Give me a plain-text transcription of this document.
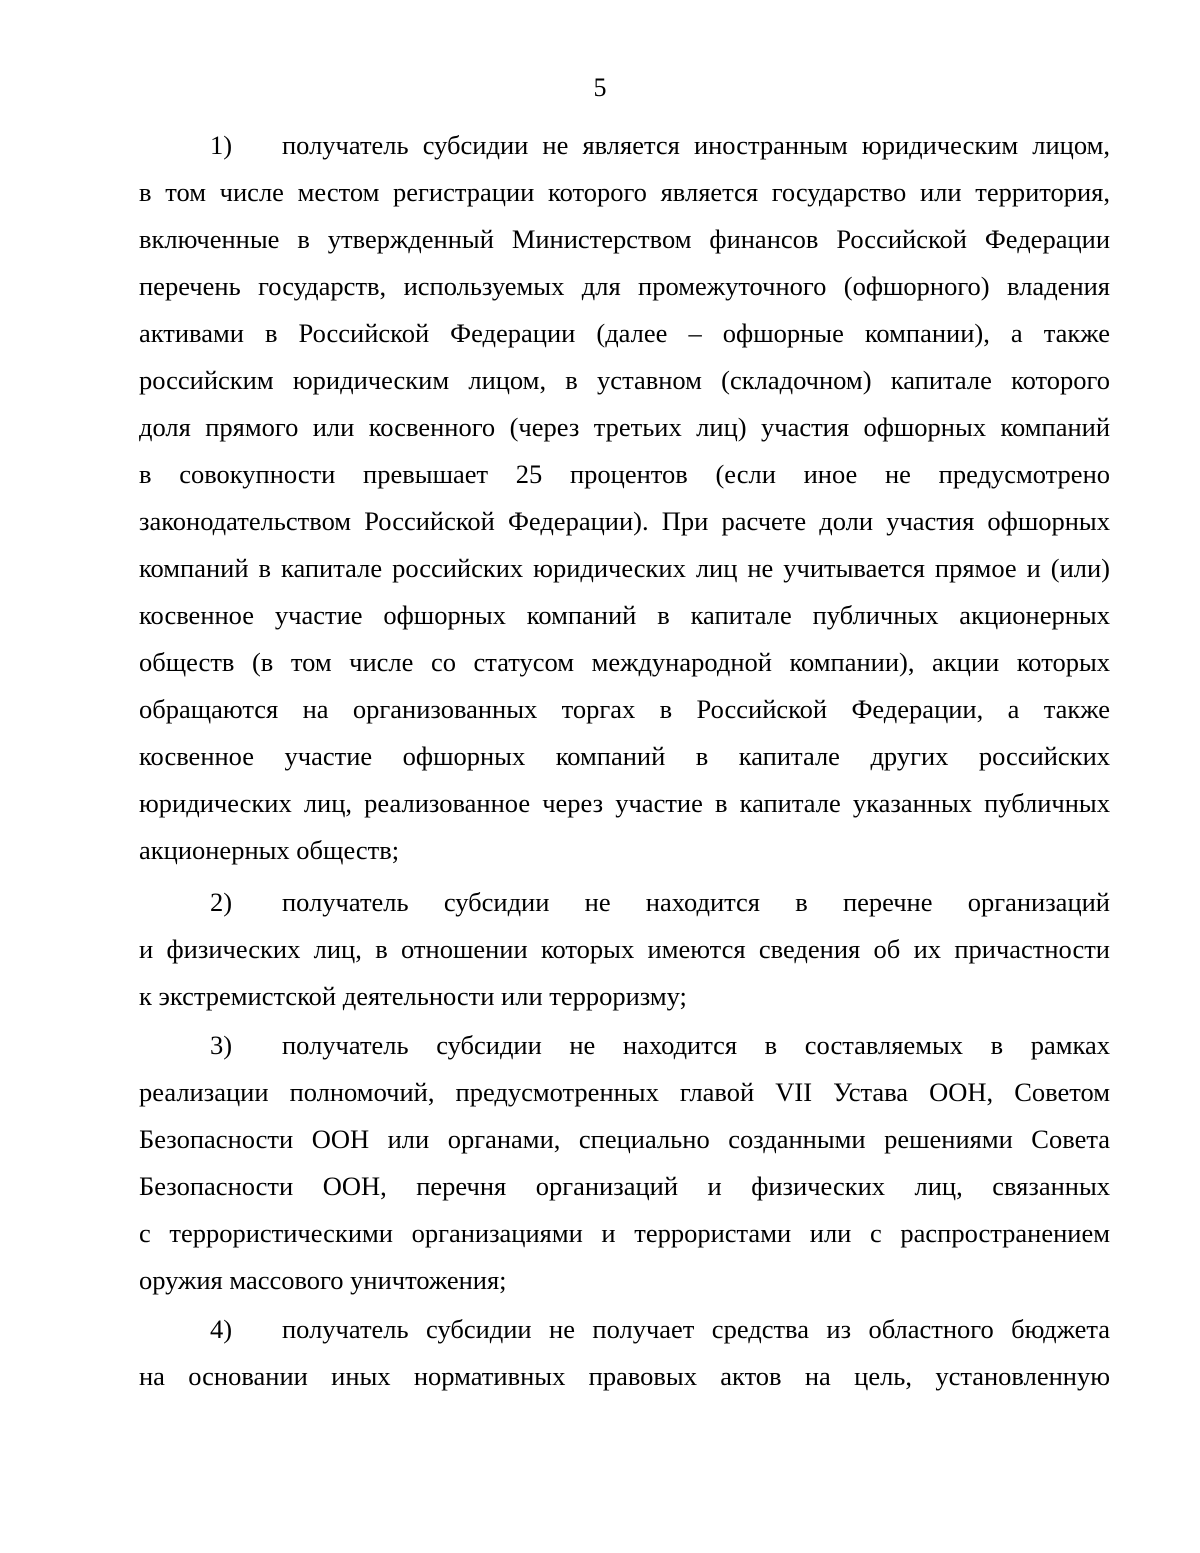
5
1) получатель субсидии не является иностранным юридическим лицом,
в том числе местом регистрации которого является государство или территория,
включенные в утвержденный Министерством финансов Российской Федерации
перечень государств, используемых для промежуточного (офшорного) владения
активами в Российской Федерации (далее – офшорные компании), а также
российским юридическим лицом, в уставном (складочном) капитале которого
доля прямого или косвенного (через третьих лиц) участия офшорных компаний
в совокупности превышает 25 процентов (если иное не предусмотрено
законодательством Российской Федерации). При расчете доли участия офшорных
компаний в капитале российских юридических лиц не учитывается прямое и (или)
косвенное участие офшорных компаний в капитале публичных акционерных
обществ (в том числе со статусом международной компании), акции которых
обращаются на организованных торгах в Российской Федерации, а также
косвенное участие офшорных компаний в капитале других российских
юридических лиц, реализованное через участие в капитале указанных публичных
акционерных обществ;
2) получатель субсидии не находится в перечне организаций
и физических лиц, в отношении которых имеются сведения об их причастности
к экстремистской деятельности или терроризму;
3) получатель субсидии не находится в составляемых в рамках
реализации полномочий, предусмотренных главой VII Устава ООН, Советом
Безопасности ООН или органами, специально созданными решениями Совета
Безопасности ООН, перечня организаций и физических лиц, связанных
с террористическими организациями и террористами или с распространением
оружия массового уничтожения;
4) получатель субсидии не получает средства из областного бюджета
на основании иных нормативных правовых актов на цель, установленную
